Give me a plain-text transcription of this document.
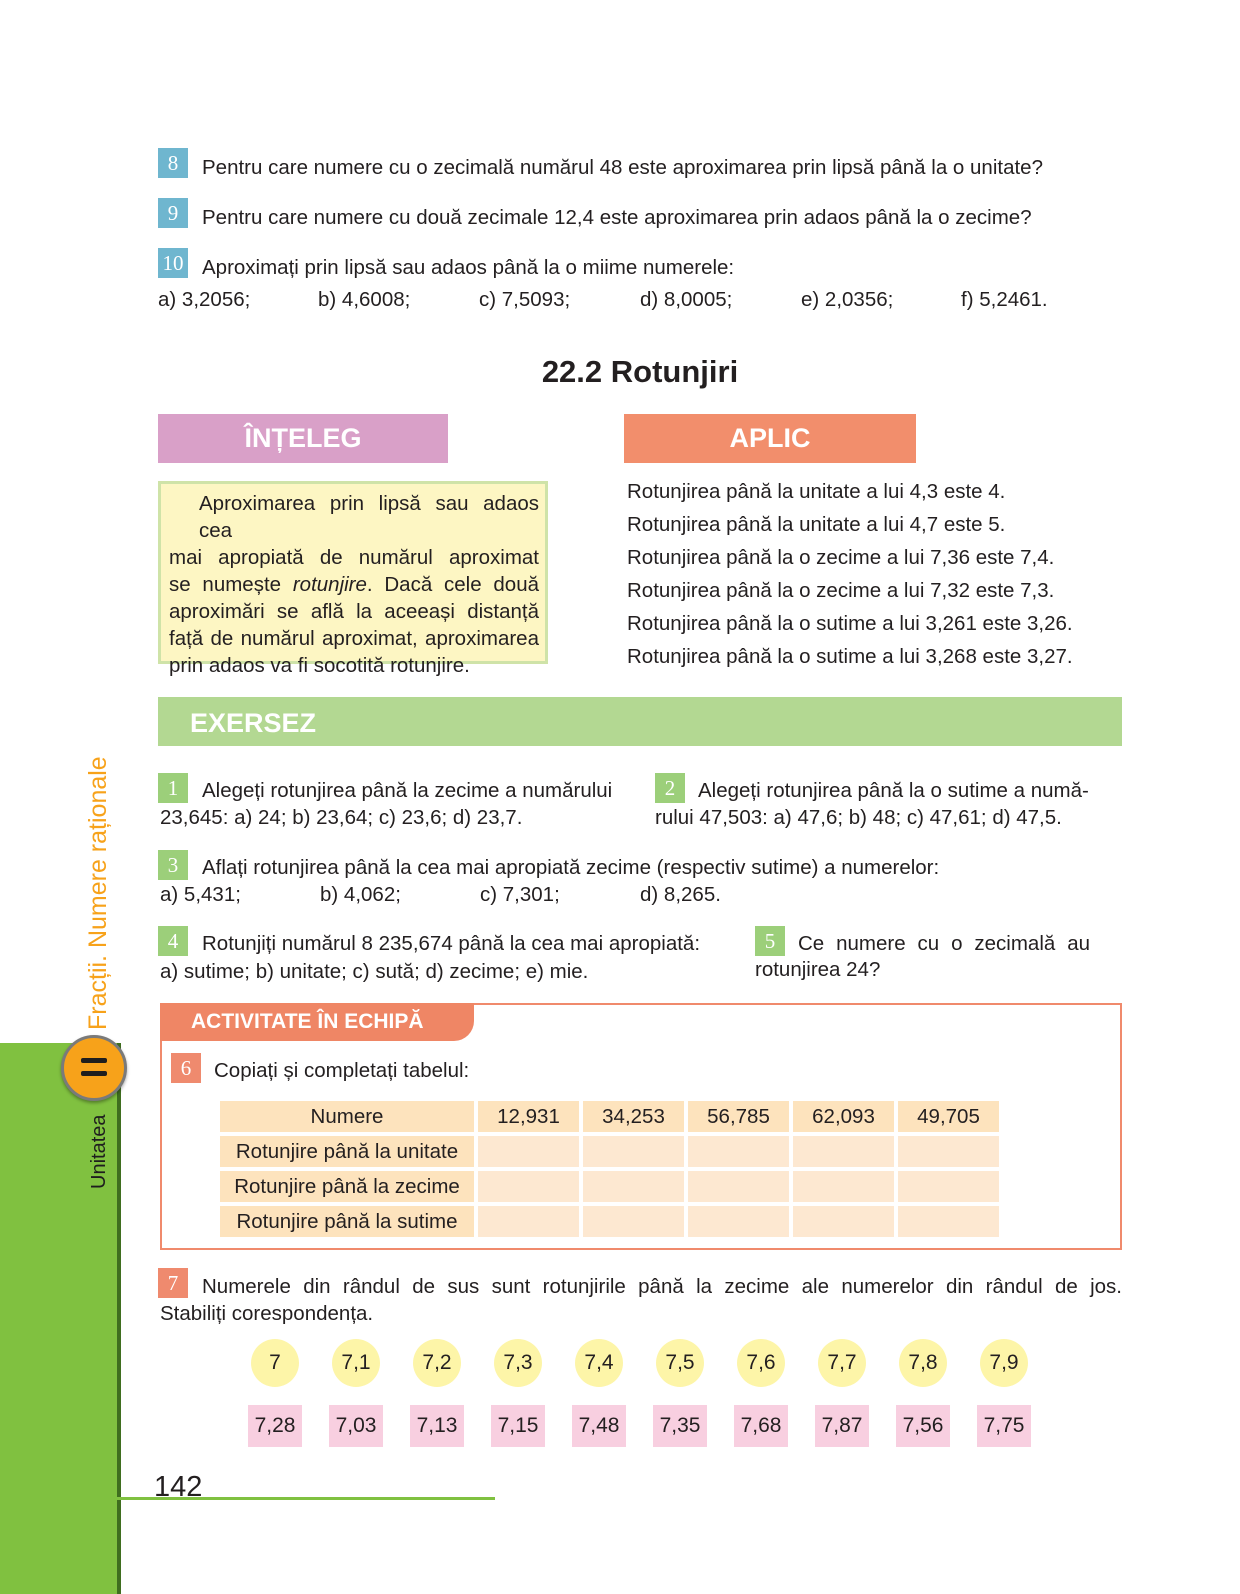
Unitatea
Fracții. Numere raționale
8	Pentru care numere cu o zecimală numărul 48 este aproximarea prin lipsă până la o unitate?
9	Pentru care numere cu două zecimale 12,4 este aproximarea prin adaos până la o zecime?
10 Aproximați prin lipsă sau adaos până la o miime numerele:
a) 3,2056;	b) 4,6008;	c) 7,5093;	d) 8,0005;	e) 2,0356;	f) 5,2461.
22.2 Rotunjiri
ÎNȚELEG
Aproximarea prin lipsă sau adaos cea
mai apropiată de numărul aproximat
se numește rotunjire. Dacă cele două
aproximări se află la aceeași distanță
față de numărul aproximat, aproximarea
prin adaos va fi socotită rotunjire.
APLIC
Rotunjirea până la unitate a lui 4,3 este 4.
Rotunjirea până la unitate a lui 4,7 este 5.
Rotunjirea până la o zecime a lui 7,36 este 7,4.
Rotunjirea până la o zecime a lui 7,32 este 7,3.
Rotunjirea până la o sutime a lui 3,261 este 3,26.
Rotunjirea până la o sutime a lui 3,268 este 3,27.
EXERSEZ
1	Alegeți rotunjirea până la zecime a numărului
23,645: a) 24; b) 23,64; c) 23,6; d) 23,7.
2	Alegeți rotunjirea până la o sutime a numă-
rului 47,503: a) 47,6; b) 48; c) 47,61; d) 47,5.
3	Aflați rotunjirea până la cea mai apropiată zecime (respectiv sutime) a numerelor:
a) 5,431;	b) 4,062;	c) 7,301;	d) 8,265.
4	Rotunjiți numărul 8 235,674 până la cea mai apropiată:
a) sutime; b) unitate; c) sută; d) zecime; e) mie.
5	Ce numere cu o zecimală au
rotunjirea 24?
ACTIVITATE ÎN ECHIPĂ
6	Copiați și completați tabelul:
Numere	12,931	34,253	56,785	62,093	49,705
Rotunjire până la unitate					
Rotunjire până la zecime					
Rotunjire până la sutime					
7	Numerele din rândul de sus sunt rotunjirile până la zecime ale numerelor din rândul de jos.
Stabiliți corespondența.
7	7,1	7,2	7,3	7,4	7,5	7,6	7,7	7,8	7,9
7,28	7,03	7,13	7,15	7,48	7,35	7,68	7,87	7,56	7,75
142
